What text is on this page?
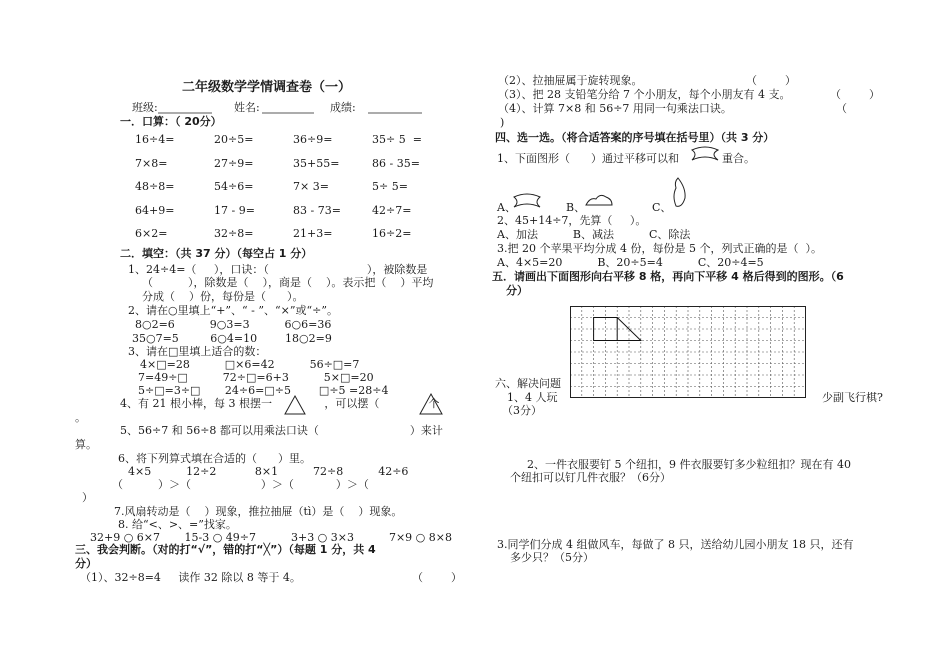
二年级数学学情调查卷（一）
班级:	姓名:	成绩:
一．口算：（ 20分）
16÷4=	20÷5=	36÷9=	35÷ 5  =
7×8=	27÷9=	35+55=	86 - 35=
48÷8=	54÷6=	7× 3=	5÷ 5=
64+9=	17 - 9=	83 - 73=	42÷7=
6×2=	32÷8=	21+3=	16÷2=
二．填空：（共 37 分）（每空占 1 分）
1、24÷4=（     ），口诀：（                            ），被除数是
（          ），除数是（    ），商是（    ）。表示把（    ）平均
分成（    ）份，每份是（      ）。
2、请在○里填上“+”、“ - ”、“×”或“÷”。
8○2=6          9○3=3          6○6=36
35○7=5         6○4=10        18○2=9
3、请在□里填上适合的数：
4×□=28          □×6=42          56÷□=7
7=49÷□          72÷□=6+3          5×□=20
5÷□=3÷□       24÷6=□÷5        □÷5 =28÷4
4、有 21 根小棒，每 3 根摆一               ，可以摆（              个
。
5、56÷7 和 56÷8 都可以用乘法口诀（                          ）来计
算。
6、将下列算式填在合适的（      ）里。
4×5          12÷2           8×1          72÷8          42÷6
（          ）＞（                    ）＞（            ）＞（
）
7.风扇转动是（    ）现象，推拉抽屉（tì）是（    ）现象。
8. 给“<、>、=”找家。
32+9 ○ 6×7       15-3 ○ 49÷7          3+3 ○ 3×3          7×9 ○ 8×8
三、我会判断。（对的打“√”，错的打“╳”）（每题 1 分，共 4
分）
（1）、32÷8=4     读作 32 除以 8 等于 4。	（        ）
（2）、拉抽屉属于旋转现象。	（        ）
（3）、把 28 支铅笔分给 7 个小朋友，每个小朋友有 4 支。	（        ）
（4）、计算 7×8 和 56÷7 用同一句乘法口诀。	（
)
四、选一选。（将合适答案的序号填在括号里）（共 3 分）
1、下面图形（      ）通过平移可以和	重合。
A、	B、	C、
2、45+14÷7，先算（     ）。
A、加法          B、减法          C、除法
3.把 20 个苹果平均分成 4 份，每份是 5 个，列式正确的是（  ）。
A、4×5=20          B、20÷5=4          C、20÷4=5
五．请画出下面图形向右平移 8 格，再向下平移 4 格后得到的图形。（6
分）
六、解决问题
1、4 人玩	少副飞行棋?
（3分）
2、一件衣服要钉 5 个纽扣，9 件衣服要钉多少粒纽扣？现在有 40
个纽扣可以钉几件衣服？（6分）
3.同学们分成 4 组做风车，每做了 8 只，送给幼儿园小朋友 18 只，还有
多少只？（5分）
